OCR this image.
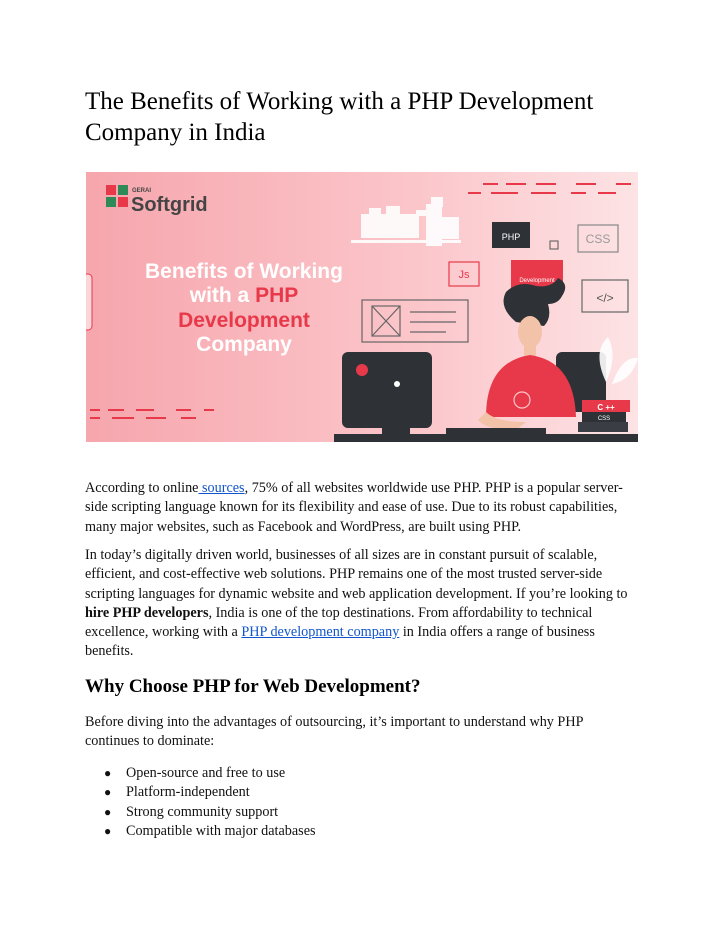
The Benefits of Working with a PHP Development Company in India
GERAI
Softgrid
Benefits of Working
with a PHP
Development
Company
PHP	CSS
Js	Development
</>
C ++
CSS

According to online sources, 75% of all websites worldwide use PHP. PHP is a popular server-side scripting language known for its flexibility and ease of use. Due to its robust capabilities, many major websites, such as Facebook and WordPress, are built using PHP.

In today’s digitally driven world, businesses of all sizes are in constant pursuit of scalable, efficient, and cost-effective web solutions. PHP remains one of the most trusted server-side scripting languages for dynamic website and web application development. If you’re looking to hire PHP developers, India is one of the top destinations. From affordability to technical excellence, working with a PHP development company in India offers a range of business benefits.

Why Choose PHP for Web Development?

Before diving into the advantages of outsourcing, it’s important to understand why PHP continues to dominate:

● Open-source and free to use
● Platform-independent
● Strong community support
● Compatible with major databases
